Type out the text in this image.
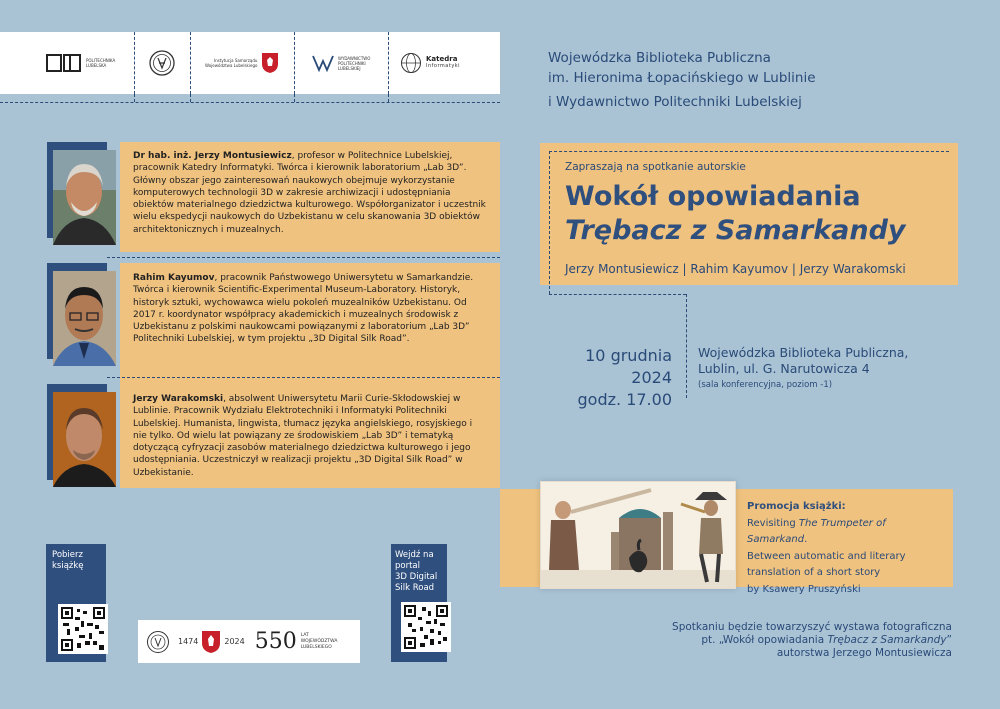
POLITECHNIKA
LUBELSKA
Instytucja Samorządu
Województwa Lubelskiego
WYDAWNICTWO
POLITECHNIKI
LUBELSKIEJ
Katedra
Informatyki	Wojewódzka Biblioteka Publiczna
im. Hieronima Łopacińskiego w Lublinie
i Wydawnictwo Politechniki Lubelskiej
Dr hab. inż. Jerzy Montusiewicz, profesor w Politechnice Lubelskiej, pracownik Katedry Informatyki. Twórca i kierownik laboratorium „Lab 3D”. Główny obszar jego zainteresowań naukowych obejmuje wykorzystanie komputerowych technologii 3D w zakresie archiwizacji i udostępniania obiektów materialnego dziedzictwa kulturowego. Współorganizator i uczestnik wielu ekspedycji naukowych do Uzbekistanu w celu skanowania 3D obiektów architektonicznych i muzealnych.
Rahim Kayumov, pracownik Państwowego Uniwersytetu w Samarkandzie. Twórca i kierownik Scientific-Experimental Museum-Laboratory. Historyk, historyk sztuki, wychowawca wielu pokoleń muzealników Uzbekistanu. Od 2017 r. koordynator współpracy akademickich i muzealnych środowisk z Uzbekistanu z polskimi naukowcami powiązanymi z laboratorium „Lab 3D” Politechniki Lubelskiej, w tym projektu „3D Digital Silk Road”.
Jerzy Warakomski, absolwent Uniwersytetu Marii Curie-Skłodowskiej w Lublinie. Pracownik Wydziału Elektrotechniki i Informatyki Politechniki Lubelskiej. Humanista, lingwista, tłumacz języka angielskiego, rosyjskiego i nie tylko. Od wielu lat powiązany ze środowiskiem „Lab 3D” i tematyką dotyczącą cyfryzacji zasobów materialnego dziedzictwa kulturowego i jego udostępniania. Uczestniczył w realizacji projektu „3D Digital Silk Road” w Uzbekistanie.
Zapraszają na spotkanie autorskie
Wokół opowiadania
Trębacz z Samarkandy
Jerzy Montusiewicz | Rahim Kayumov | Jerzy Warakomski
10 grudnia 2024
godz. 17.00
Wojewódzka Biblioteka Publiczna,
Lublin, ul. G. Narutowicza 4
(sala konferencyjna, poziom -1)
Promocja książki:
Revisiting The Trumpeter of Samarkand.
Between automatic and literary
translation of a short story
by Ksawery Pruszyński
Spotkaniu będzie towarzyszyć wystawa fotograficzna
pt. „Wokół opowiadania Trębacz z Samarkandy”
autorstwa Jerzego Montusiewicza
Pobierz
książkę
Wejdź na
portal
3D Digital
Silk Road
1474	2024 550 LAT
WOJEWÓDZTWA
LUBELSKIEGO
